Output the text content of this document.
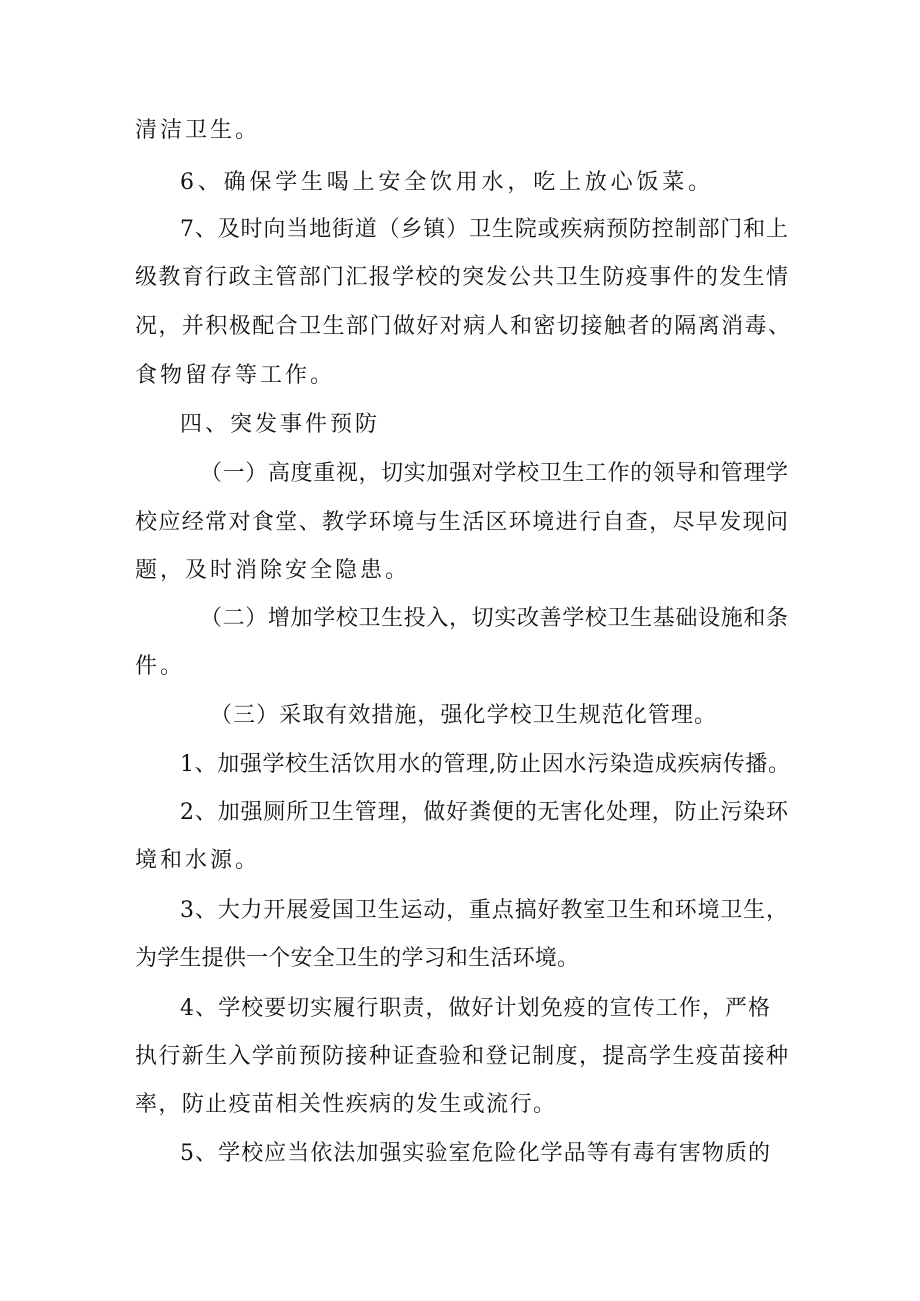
清洁卫生。
6、确保学生喝上安全饮用水，吃上放心饭菜。
7、及时向当地街道（乡镇）卫生院或疾病预防控制部门和上
级教育行政主管部门汇报学校的突发公共卫生防疫事件的发生情
况，并积极配合卫生部门做好对病人和密切接触者的隔离消毒、
食物留存等工作。
四、突发事件预防
（一）高度重视，切实加强对学校卫生工作的领导和管理学
校应经常对食堂、教学环境与生活区环境进行自查，尽早发现问
题，及时消除安全隐患。
（二）增加学校卫生投入，切实改善学校卫生基础设施和条
件。
（三）采取有效措施，强化学校卫生规范化管理。
1、加强学校生活饮用水的管理,防止因水污染造成疾病传播。
2、加强厕所卫生管理，做好粪便的无害化处理，防止污染环
境和水源。
3、大力开展爱国卫生运动，重点搞好教室卫生和环境卫生，
为学生提供一个安全卫生的学习和生活环境。
4、学校要切实履行职责，做好计划免疫的宣传工作，严格
执行新生入学前预防接种证查验和登记制度，提高学生疫苗接种
率，防止疫苗相关性疾病的发生或流行。
5、学校应当依法加强实验室危险化学品等有毒有害物质的
